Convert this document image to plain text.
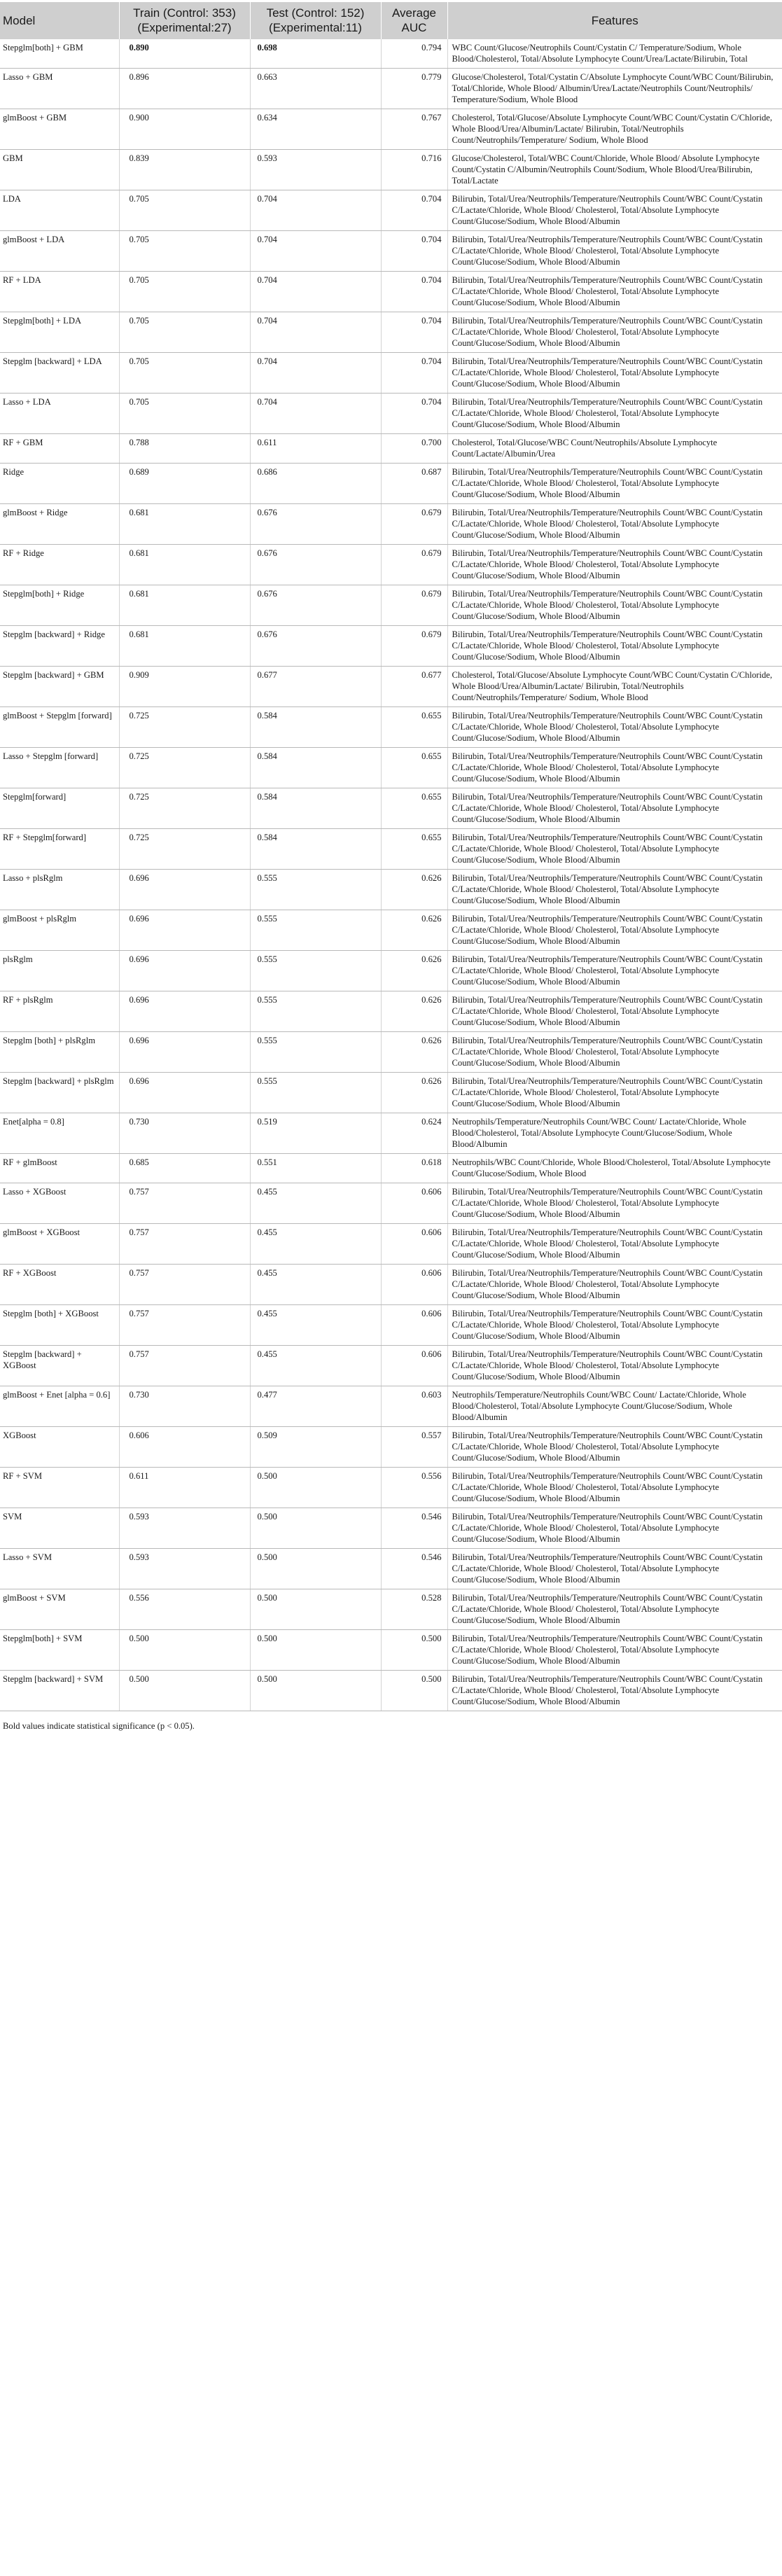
Model	Train (Control: 353) (Experimental:27)	Test (Control: 152) (Experimental:11)	Average AUC	Features
Stepglm[both] + GBM	0.890	0.698	0.794	WBC Count/Glucose/Neutrophils Count/Cystatin C/ Temperature/Sodium, Whole Blood/Cholesterol, Total/Absolute Lymphocyte Count/Urea/Lactate/Bilirubin, Total
Lasso + GBM	0.896	0.663	0.779	Glucose/Cholesterol, Total/Cystatin C/Absolute Lymphocyte Count/WBC Count/Bilirubin, Total/Chloride, Whole Blood/ Albumin/Urea/Lactate/Neutrophils Count/Neutrophils/ Temperature/Sodium, Whole Blood
glmBoost + GBM	0.900	0.634	0.767	Cholesterol, Total/Glucose/Absolute Lymphocyte Count/WBC Count/Cystatin C/Chloride, Whole Blood/Urea/Albumin/Lactate/ Bilirubin, Total/Neutrophils Count/Neutrophils/Temperature/ Sodium, Whole Blood
GBM	0.839	0.593	0.716	Glucose/Cholesterol, Total/WBC Count/Chloride, Whole Blood/ Absolute Lymphocyte Count/Cystatin C/Albumin/Neutrophils Count/Sodium, Whole Blood/Urea/Bilirubin, Total/Lactate
LDA	0.705	0.704	0.704	Bilirubin, Total/Urea/Neutrophils/Temperature/Neutrophils Count/WBC Count/Cystatin C/Lactate/Chloride, Whole Blood/ Cholesterol, Total/Absolute Lymphocyte Count/Glucose/Sodium, Whole Blood/Albumin
glmBoost + LDA	0.705	0.704	0.704	Bilirubin, Total/Urea/Neutrophils/Temperature/Neutrophils Count/WBC Count/Cystatin C/Lactate/Chloride, Whole Blood/ Cholesterol, Total/Absolute Lymphocyte Count/Glucose/Sodium, Whole Blood/Albumin
RF + LDA	0.705	0.704	0.704	Bilirubin, Total/Urea/Neutrophils/Temperature/Neutrophils Count/WBC Count/Cystatin C/Lactate/Chloride, Whole Blood/ Cholesterol, Total/Absolute Lymphocyte Count/Glucose/Sodium, Whole Blood/Albumin
Stepglm[both] + LDA	0.705	0.704	0.704	Bilirubin, Total/Urea/Neutrophils/Temperature/Neutrophils Count/WBC Count/Cystatin C/Lactate/Chloride, Whole Blood/ Cholesterol, Total/Absolute Lymphocyte Count/Glucose/Sodium, Whole Blood/Albumin
Stepglm [backward] + LDA	0.705	0.704	0.704	Bilirubin, Total/Urea/Neutrophils/Temperature/Neutrophils Count/WBC Count/Cystatin C/Lactate/Chloride, Whole Blood/ Cholesterol, Total/Absolute Lymphocyte Count/Glucose/Sodium, Whole Blood/Albumin
Lasso + LDA	0.705	0.704	0.704	Bilirubin, Total/Urea/Neutrophils/Temperature/Neutrophils Count/WBC Count/Cystatin C/Lactate/Chloride, Whole Blood/ Cholesterol, Total/Absolute Lymphocyte Count/Glucose/Sodium, Whole Blood/Albumin
RF + GBM	0.788	0.611	0.700	Cholesterol, Total/Glucose/WBC Count/Neutrophils/Absolute Lymphocyte Count/Lactate/Albumin/Urea
Ridge	0.689	0.686	0.687	Bilirubin, Total/Urea/Neutrophils/Temperature/Neutrophils Count/WBC Count/Cystatin C/Lactate/Chloride, Whole Blood/ Cholesterol, Total/Absolute Lymphocyte Count/Glucose/Sodium, Whole Blood/Albumin
glmBoost + Ridge	0.681	0.676	0.679	Bilirubin, Total/Urea/Neutrophils/Temperature/Neutrophils Count/WBC Count/Cystatin C/Lactate/Chloride, Whole Blood/ Cholesterol, Total/Absolute Lymphocyte Count/Glucose/Sodium, Whole Blood/Albumin
RF + Ridge	0.681	0.676	0.679	Bilirubin, Total/Urea/Neutrophils/Temperature/Neutrophils Count/WBC Count/Cystatin C/Lactate/Chloride, Whole Blood/ Cholesterol, Total/Absolute Lymphocyte Count/Glucose/Sodium, Whole Blood/Albumin
Stepglm[both] + Ridge	0.681	0.676	0.679	Bilirubin, Total/Urea/Neutrophils/Temperature/Neutrophils Count/WBC Count/Cystatin C/Lactate/Chloride, Whole Blood/ Cholesterol, Total/Absolute Lymphocyte Count/Glucose/Sodium, Whole Blood/Albumin
Stepglm [backward] + Ridge	0.681	0.676	0.679	Bilirubin, Total/Urea/Neutrophils/Temperature/Neutrophils Count/WBC Count/Cystatin C/Lactate/Chloride, Whole Blood/ Cholesterol, Total/Absolute Lymphocyte Count/Glucose/Sodium, Whole Blood/Albumin
Stepglm [backward] + GBM	0.909	0.677	0.677	Cholesterol, Total/Glucose/Absolute Lymphocyte Count/WBC Count/Cystatin C/Chloride, Whole Blood/Urea/Albumin/Lactate/ Bilirubin, Total/Neutrophils Count/Neutrophils/Temperature/ Sodium, Whole Blood
glmBoost + Stepglm [forward]	0.725	0.584	0.655	Bilirubin, Total/Urea/Neutrophils/Temperature/Neutrophils Count/WBC Count/Cystatin C/Lactate/Chloride, Whole Blood/ Cholesterol, Total/Absolute Lymphocyte Count/Glucose/Sodium, Whole Blood/Albumin
Lasso + Stepglm [forward]	0.725	0.584	0.655	Bilirubin, Total/Urea/Neutrophils/Temperature/Neutrophils Count/WBC Count/Cystatin C/Lactate/Chloride, Whole Blood/ Cholesterol, Total/Absolute Lymphocyte Count/Glucose/Sodium, Whole Blood/Albumin
Stepglm[forward]	0.725	0.584	0.655	Bilirubin, Total/Urea/Neutrophils/Temperature/Neutrophils Count/WBC Count/Cystatin C/Lactate/Chloride, Whole Blood/ Cholesterol, Total/Absolute Lymphocyte Count/Glucose/Sodium, Whole Blood/Albumin
RF + Stepglm[forward]	0.725	0.584	0.655	Bilirubin, Total/Urea/Neutrophils/Temperature/Neutrophils Count/WBC Count/Cystatin C/Lactate/Chloride, Whole Blood/ Cholesterol, Total/Absolute Lymphocyte Count/Glucose/Sodium, Whole Blood/Albumin
Lasso + plsRglm	0.696	0.555	0.626	Bilirubin, Total/Urea/Neutrophils/Temperature/Neutrophils Count/WBC Count/Cystatin C/Lactate/Chloride, Whole Blood/ Cholesterol, Total/Absolute Lymphocyte Count/Glucose/Sodium, Whole Blood/Albumin
glmBoost + plsRglm	0.696	0.555	0.626	Bilirubin, Total/Urea/Neutrophils/Temperature/Neutrophils Count/WBC Count/Cystatin C/Lactate/Chloride, Whole Blood/ Cholesterol, Total/Absolute Lymphocyte Count/Glucose/Sodium, Whole Blood/Albumin
plsRglm	0.696	0.555	0.626	Bilirubin, Total/Urea/Neutrophils/Temperature/Neutrophils Count/WBC Count/Cystatin C/Lactate/Chloride, Whole Blood/ Cholesterol, Total/Absolute Lymphocyte Count/Glucose/Sodium, Whole Blood/Albumin
RF + plsRglm	0.696	0.555	0.626	Bilirubin, Total/Urea/Neutrophils/Temperature/Neutrophils Count/WBC Count/Cystatin C/Lactate/Chloride, Whole Blood/ Cholesterol, Total/Absolute Lymphocyte Count/Glucose/Sodium, Whole Blood/Albumin
Stepglm [both] + plsRglm	0.696	0.555	0.626	Bilirubin, Total/Urea/Neutrophils/Temperature/Neutrophils Count/WBC Count/Cystatin C/Lactate/Chloride, Whole Blood/ Cholesterol, Total/Absolute Lymphocyte Count/Glucose/Sodium, Whole Blood/Albumin
Stepglm [backward] + plsRglm	0.696	0.555	0.626	Bilirubin, Total/Urea/Neutrophils/Temperature/Neutrophils Count/WBC Count/Cystatin C/Lactate/Chloride, Whole Blood/ Cholesterol, Total/Absolute Lymphocyte Count/Glucose/Sodium, Whole Blood/Albumin
Enet[alpha = 0.8]	0.730	0.519	0.624	Neutrophils/Temperature/Neutrophils Count/WBC Count/ Lactate/Chloride, Whole Blood/Cholesterol, Total/Absolute Lymphocyte Count/Glucose/Sodium, Whole Blood/Albumin
RF + glmBoost	0.685	0.551	0.618	Neutrophils/WBC Count/Chloride, Whole Blood/Cholesterol, Total/Absolute Lymphocyte Count/Glucose/Sodium, Whole Blood
Lasso + XGBoost	0.757	0.455	0.606	Bilirubin, Total/Urea/Neutrophils/Temperature/Neutrophils Count/WBC Count/Cystatin C/Lactate/Chloride, Whole Blood/ Cholesterol, Total/Absolute Lymphocyte Count/Glucose/Sodium, Whole Blood/Albumin
glmBoost + XGBoost	0.757	0.455	0.606	Bilirubin, Total/Urea/Neutrophils/Temperature/Neutrophils Count/WBC Count/Cystatin C/Lactate/Chloride, Whole Blood/ Cholesterol, Total/Absolute Lymphocyte Count/Glucose/Sodium, Whole Blood/Albumin
RF + XGBoost	0.757	0.455	0.606	Bilirubin, Total/Urea/Neutrophils/Temperature/Neutrophils Count/WBC Count/Cystatin C/Lactate/Chloride, Whole Blood/ Cholesterol, Total/Absolute Lymphocyte Count/Glucose/Sodium, Whole Blood/Albumin
Stepglm [both] + XGBoost	0.757	0.455	0.606	Bilirubin, Total/Urea/Neutrophils/Temperature/Neutrophils Count/WBC Count/Cystatin C/Lactate/Chloride, Whole Blood/ Cholesterol, Total/Absolute Lymphocyte Count/Glucose/Sodium, Whole Blood/Albumin
Stepglm [backward] + XGBoost	0.757	0.455	0.606	Bilirubin, Total/Urea/Neutrophils/Temperature/Neutrophils Count/WBC Count/Cystatin C/Lactate/Chloride, Whole Blood/ Cholesterol, Total/Absolute Lymphocyte Count/Glucose/Sodium, Whole Blood/Albumin
glmBoost + Enet [alpha = 0.6]	0.730	0.477	0.603	Neutrophils/Temperature/Neutrophils Count/WBC Count/ Lactate/Chloride, Whole Blood/Cholesterol, Total/Absolute Lymphocyte Count/Glucose/Sodium, Whole Blood/Albumin
XGBoost	0.606	0.509	0.557	Bilirubin, Total/Urea/Neutrophils/Temperature/Neutrophils Count/WBC Count/Cystatin C/Lactate/Chloride, Whole Blood/ Cholesterol, Total/Absolute Lymphocyte Count/Glucose/Sodium, Whole Blood/Albumin
RF + SVM	0.611	0.500	0.556	Bilirubin, Total/Urea/Neutrophils/Temperature/Neutrophils Count/WBC Count/Cystatin C/Lactate/Chloride, Whole Blood/ Cholesterol, Total/Absolute Lymphocyte Count/Glucose/Sodium, Whole Blood/Albumin
SVM	0.593	0.500	0.546	Bilirubin, Total/Urea/Neutrophils/Temperature/Neutrophils Count/WBC Count/Cystatin C/Lactate/Chloride, Whole Blood/ Cholesterol, Total/Absolute Lymphocyte Count/Glucose/Sodium, Whole Blood/Albumin
Lasso + SVM	0.593	0.500	0.546	Bilirubin, Total/Urea/Neutrophils/Temperature/Neutrophils Count/WBC Count/Cystatin C/Lactate/Chloride, Whole Blood/ Cholesterol, Total/Absolute Lymphocyte Count/Glucose/Sodium, Whole Blood/Albumin
glmBoost + SVM	0.556	0.500	0.528	Bilirubin, Total/Urea/Neutrophils/Temperature/Neutrophils Count/WBC Count/Cystatin C/Lactate/Chloride, Whole Blood/ Cholesterol, Total/Absolute Lymphocyte Count/Glucose/Sodium, Whole Blood/Albumin
Stepglm[both] + SVM	0.500	0.500	0.500	Bilirubin, Total/Urea/Neutrophils/Temperature/Neutrophils Count/WBC Count/Cystatin C/Lactate/Chloride, Whole Blood/ Cholesterol, Total/Absolute Lymphocyte Count/Glucose/Sodium, Whole Blood/Albumin
Stepglm [backward] + SVM	0.500	0.500	0.500	Bilirubin, Total/Urea/Neutrophils/Temperature/Neutrophils Count/WBC Count/Cystatin C/Lactate/Chloride, Whole Blood/ Cholesterol, Total/Absolute Lymphocyte Count/Glucose/Sodium, Whole Blood/Albumin
Bold values indicate statistical significance (p < 0.05).
